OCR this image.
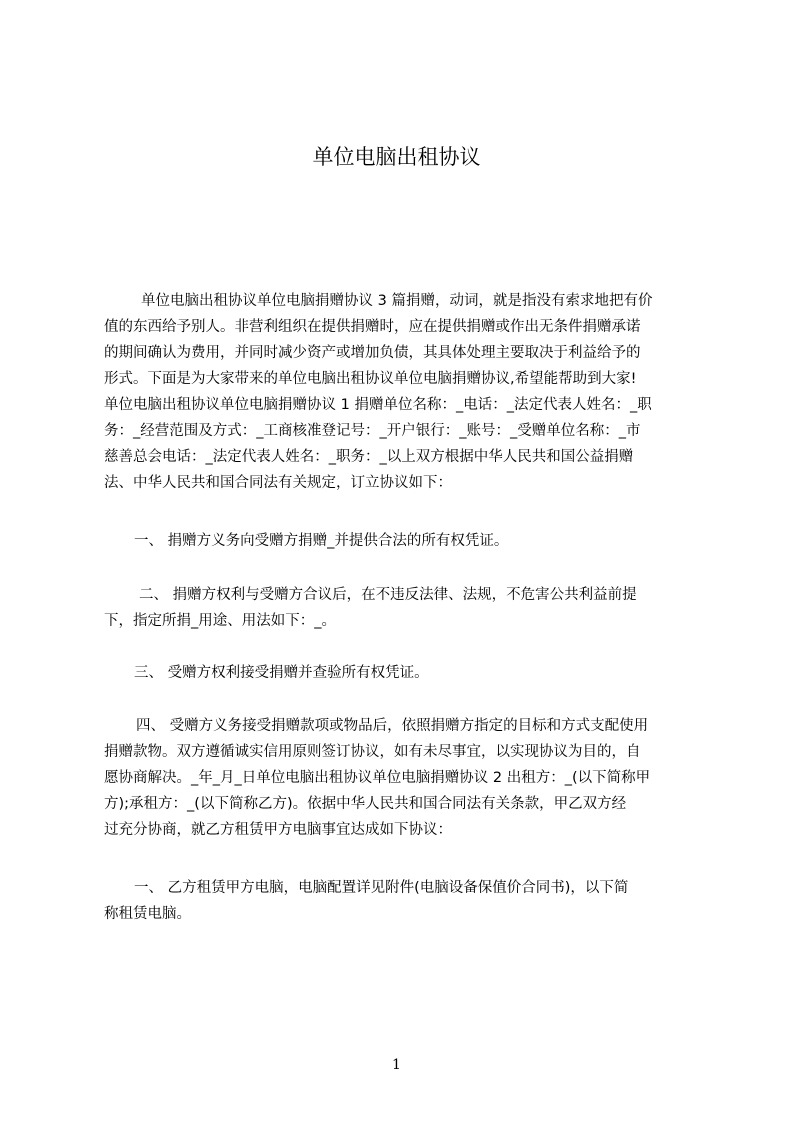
单位电脑出租协议
单位电脑出租协议单位电脑捐赠协议 3 篇捐赠，动词，就是指没有索求地把有价
值的东西给予别人。非营利组织在提供捐赠时，应在提供捐赠或作出无条件捐赠承诺
的期间确认为费用，并同时减少资产或增加负债，其具体处理主要取决于利益给予的
形式。下面是为大家带来的单位电脑出租协议单位电脑捐赠协议,希望能帮助到大家!
单位电脑出租协议单位电脑捐赠协议 1 捐赠单位名称：_电话：_法定代表人姓名：_职
务：_经营范围及方式：_工商核准登记号：_开户银行：_账号：_受赠单位名称：_市
慈善总会电话：_法定代表人姓名：_职务：_以上双方根据中华人民共和国公益捐赠
法、中华人民共和国合同法有关规定，订立协议如下：
一、 捐赠方义务向受赠方捐赠_并提供合法的所有权凭证。
二、 捐赠方权利与受赠方合议后，在不违反法律、法规，不危害公共利益前提
下，指定所捐_用途、用法如下：_。
三、 受赠方权利接受捐赠并查验所有权凭证。
四、 受赠方义务接受捐赠款项或物品后，依照捐赠方指定的目标和方式支配使用
捐赠款物。双方遵循诚实信用原则签订协议，如有未尽事宜，以实现协议为目的，自
愿协商解决。_年_月_日单位电脑出租协议单位电脑捐赠协议 2 出租方：_(以下简称甲
方);承租方：_(以下简称乙方)。依据中华人民共和国合同法有关条款，甲乙双方经
过充分协商，就乙方租赁甲方电脑事宜达成如下协议：
一、 乙方租赁甲方电脑，电脑配置详见附件(电脑设备保值价合同书)，以下简
称租赁电脑。
1
